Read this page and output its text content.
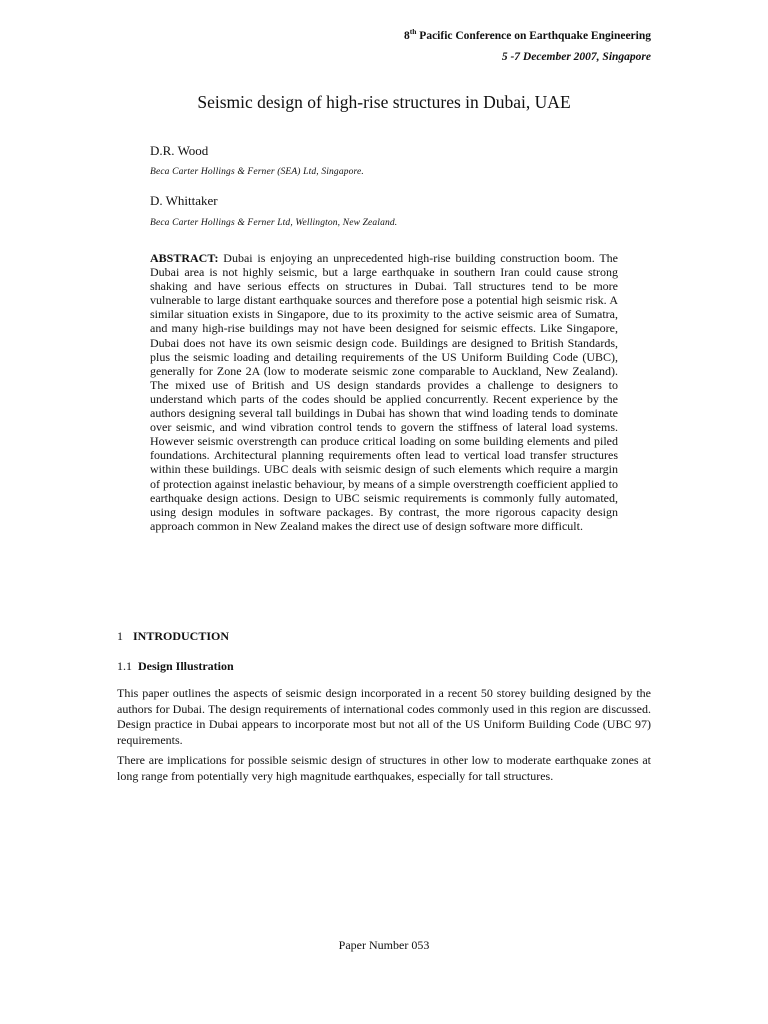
8th Pacific Conference on Earthquake Engineering
5 -7 December 2007, Singapore
Seismic design of high-rise structures in Dubai, UAE
D.R. Wood
Beca Carter Hollings & Ferner (SEA) Ltd, Singapore.
D. Whittaker
Beca Carter Hollings & Ferner Ltd, Wellington, New Zealand.

ABSTRACT: Dubai is enjoying an unprecedented high-rise building construction boom. The Dubai area is not highly seismic, but a large earthquake in southern Iran could cause strong shaking and have serious effects on structures in Dubai. Tall structures tend to be more vulnerable to large distant earthquake sources and therefore pose a potential high seismic risk. A similar situation exists in Singapore, due to its proximity to the active seismic area of Sumatra, and many high-rise buildings may not have been designed for seismic effects. Like Singapore, Dubai does not have its own seismic design code. Buildings are designed to British Standards, plus the seismic loading and detailing requirements of the US Uniform Building Code (UBC), generally for Zone 2A (low to moderate seismic zone comparable to Auckland, New Zealand). The mixed use of British and US design standards provides a challenge to designers to understand which parts of the codes should be applied concurrently. Recent experience by the authors designing several tall buildings in Dubai has shown that wind loading tends to dominate over seismic, and wind vibration control tends to govern the stiffness of lateral load systems. However seismic overstrength can produce critical loading on some building elements and piled foundations. Architectural planning requirements often lead to vertical load transfer structures within these buildings. UBC deals with seismic design of such elements which require a margin of protection against inelastic behaviour, by means of a simple overstrength coefficient applied to earthquake design actions. Design to UBC seismic requirements is commonly fully automated, using design modules in software packages. By contrast, the more rigorous capacity design approach common in New Zealand makes the direct use of design software more difficult.

1 INTRODUCTION
1.1 Design Illustration

This paper outlines the aspects of seismic design incorporated in a recent 50 storey building designed by the authors for Dubai. The design requirements of international codes commonly used in this region are discussed. Design practice in Dubai appears to incorporate most but not all of the US Uniform Building Code (UBC 97) requirements.

There are implications for possible seismic design of structures in other low to moderate earthquake zones at long range from potentially very high magnitude earthquakes, especially for tall structures.

Paper Number 053
